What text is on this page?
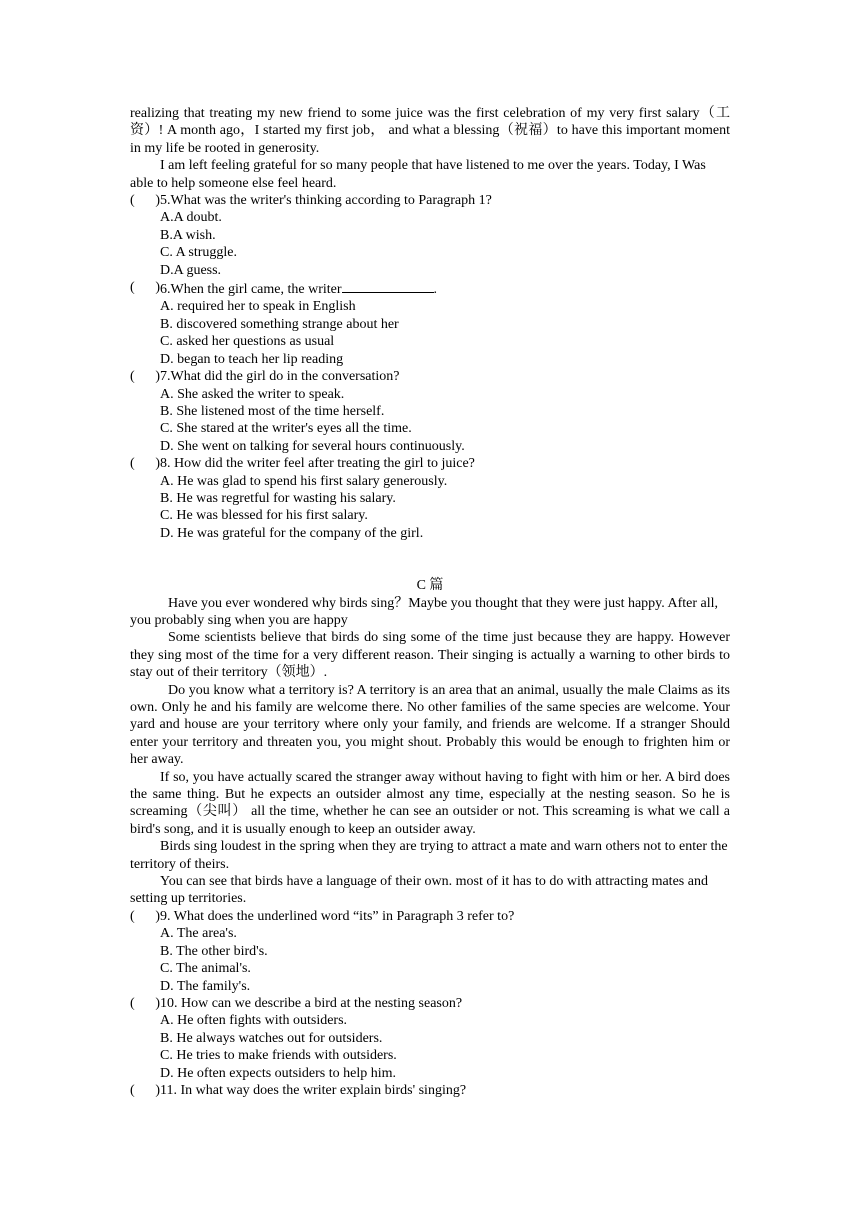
realizing that treating my new friend to some juice was the first celebration of my very first salary（工资）! A month ago，I started my first job， and what a blessing（祝福）to have this important moment in my life be rooted in generosity.

I am left feeling grateful for so many people that have listened to me over the years. Today, I Was able to help someone else feel heard.

(	) 5.What was the writer's thinking according to Paragraph 1?

A.A doubt.

B.A wish.

C. A struggle.

D.A guess.

(	) 6.When the girl came, the writer	.

A. required her to speak in English

B. discovered something strange about her

C. asked her questions as usual

D. began to teach her lip reading

(	) 7.What did the girl do in the conversation?

A. She asked the writer to speak.

B. She listened most of the time herself.

C. She stared at the writer's eyes all the time.

D. She went on talking for several hours continuously.

(	) 8. How did the writer feel after treating the girl to juice?

A. He was glad to spend his first salary generously.

B. He was regretful for wasting his salary.

C. He was blessed for his first salary.

D. He was grateful for the company of the girl.

C 篇

Have you ever wondered why birds sing？Maybe you thought that they were just happy. After all, you probably sing when you are happy

Some scientists believe that birds do sing some of the time just because they are happy. However they sing most of the time for a very different reason. Their singing is actually a warning to other birds to stay out of their territory（领地）.

Do you know what a territory is? A territory is an area that an animal, usually the male Claims as its own. Only he and his family are welcome there. No other families of the same species are welcome. Your yard and house are your territory where only your family, and friends are welcome. If a stranger Should enter your territory and threaten you, you might shout. Probably this would be enough to frighten him or her away.

If so, you have actually scared the stranger away without having to fight with him or her. A bird does the same thing. But he expects an outsider almost any time, especially at the nesting season. So he is screaming（尖叫） all the time, whether he can see an outsider or not. This screaming is what we call a bird's song, and it is usually enough to keep an outsider away.

Birds sing loudest in the spring when they are trying to attract a mate and warn others not to enter the territory of theirs.

You can see that birds have a language of their own. most of it has to do with attracting mates and setting up territories.

(	) 9. What does the underlined word “its” in Paragraph 3 refer to?

A. The area's.

B. The other bird's.

C. The animal's.

D. The family's.

(	) 10. How can we describe a bird at the nesting season?

A. He often fights with outsiders.

B. He always watches out for outsiders.

C. He tries to make friends with outsiders.

D. He often expects outsiders to help him.

(	) 11. In what way does the writer explain birds' singing?
